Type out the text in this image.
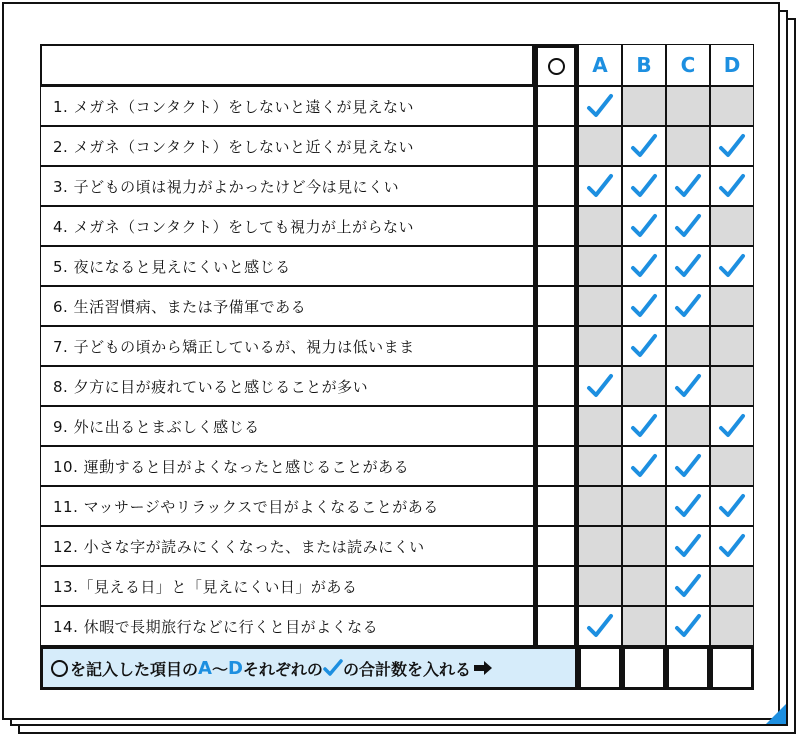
A B C D
1. メガネ（コンタクト）をしないと遠くが見えない
2. メガネ（コンタクト）をしないと近くが見えない
3. 子どもの頃は視力がよかったけど今は見にくい
4. メガネ（コンタクト）をしても視力が上がらない
5. 夜になると見えにくいと感じる
6. 生活習慣病、または予備軍である
7. 子どもの頃から矯正しているが、視力は低いまま
8. 夕方に目が疲れていると感じることが多い
9. 外に出るとまぶしく感じる
10. 運動すると目がよくなったと感じることがある
11. マッサージやリラックスで目がよくなることがある
12. 小さな字が読みにくくなった、または読みにくい
13.「見える日」と「見えにくい日」がある
14. 休暇で長期旅行などに行くと目がよくなる
を記入した項目の A ～ D それぞれの の合計数を入れる
